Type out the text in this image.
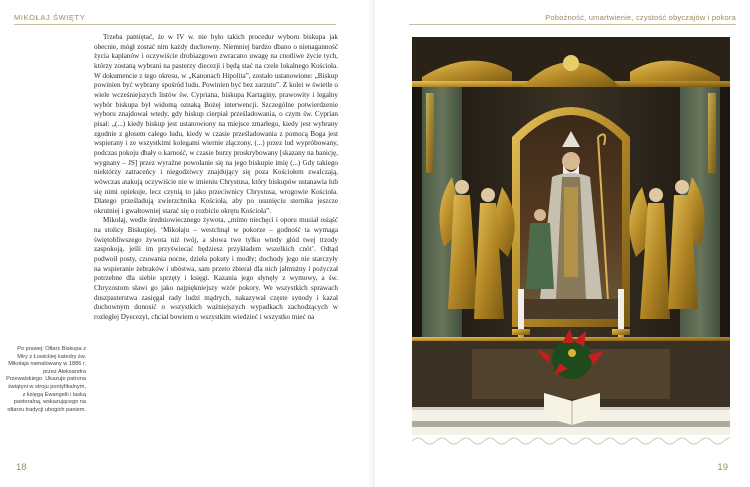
MIKOŁAJ ŚWIĘTY

Trzeba pamiętać, że w IV w. nie było takich procedur wyboru biskupa jak obecnie, mógł zostać nim każdy duchowny. Niemniej bardzo dbano o nienaganność życia kapłanów i oczywiście drobiazgowo zwracano uwagę na cnotliwe życie tych, którzy zostaną wybrani na pasterzy diecezji i będą stać na czele lokalnego Kościoła. W dokumencie z tego okresu, w „Kanonach Hipolita”, zostało ustanowione: „Biskup powinien być wybrany spośród ludu. Powinien być bez zarzutu”. Z kolei w świetle o wiele wcześniejszych listów św. Cypriana, biskupa Kartaginy, prawowity i legalny wybór biskupa był widomą oznaką Bożej interwencji. Szczególne potwierdzenie wyboru znajdował wtedy, gdy biskup cierpiał prześladowania, o czym św. Cyprian pisał: „(...) kiedy biskup jest ustanowiony na miejsce zmarłego, kiedy jest wybrany zgodnie z głosem całego ludu, kiedy w czasie prześladowania z pomocą Boga jest wspierany i ze wszystkimi kolegami wiernie złączony, (...) przez lud wypróbowany, podczas pokoju dbały o karność, w czasie burzy proskrybowany [skazany na banicję, wygnany – JS] przez wyraźne powołanie się na jego biskupie imię (...) Gdy takiego niektórzy zatraceńcy i niegodziwcy znajdujący się poza Kościołem zwalczają, wówczas atakują oczywiście nie w imieniu Chrystusa, który biskupów ustanawia lub się nimi opiekuje, lecz czynią to jako przeciwnicy Chrystusa, wrogowie Kościoła. Dlatego prześladują zwierzchnika Kościoła, aby po usunięciu sternika jeszcze okrutniej i gwałtowniej starać się o rozbicie okrętu Kościoła”.

Mikołaj, wedle średniowiecznego żywota, „mimo niechęci i oporu musiał osiąść na stolicy Biskupiej. ‘Mikołaju – westchnął w pokorze – godność ta wymaga świętobliwszego żywota niż twój, a słowa twe tylko wtedy głód twej trzody zaspokoją, jeśli im przyświecać będziesz przykładem wszelkich cnót’. Odtąd podwoił posty, czuwania nocne, dzieła pokuty i modły; dochody jego nie starczyły na wspieranie żebraków i ubóstwa, sam przeto zbierał dla nich jałmużny i pożyczał potrzebne dla siebie sprzęty i księgi. Kazania jego słynęły z wymowy, a św. Chryzostom sławi go jako najpiękniejszy wzór pokory. We wszystkich sprawach duszpasterstwa zasięgał rady ludzi mądrych, nakazywał częste synody i kazał duchownym donosić o wszystkich ważniejszych wypadkach zachodzących w rozległej Dyecezyi, chciał bowiem o wszystkim wiedzieć i wszystko mieć na

Po prawej: Ołtarz Biskupa z Miry z Łowickiej katedry św. Mikołaja namalowany w 1886 r. przez Aleksandra Przewalskiego. Ukazuje patrona świątyni w stroju pontyfikalnym, z księgą Ewangelii i laską pastoralną, wskazującego na ołtarzu tradycji ubogich paniem.
18
Pobożność, umartwienie, czystość obyczajów i pokora
19
